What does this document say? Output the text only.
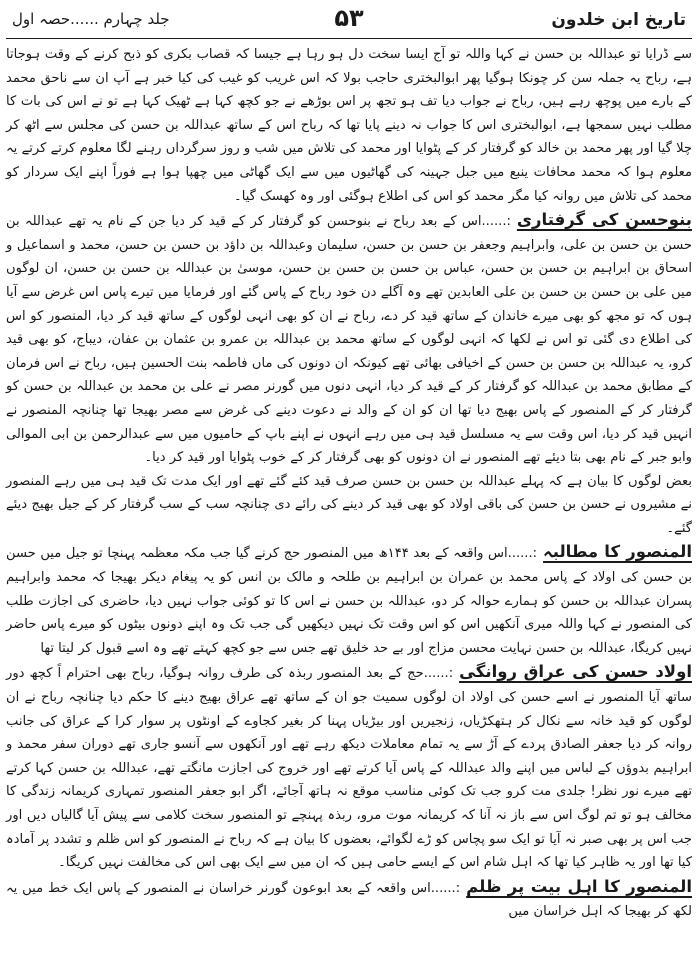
تاریخ ابن خلدون
۵۳
جلد چہارم ......حصہ اول

سے ڈرایا تو عبداللہ بن حسن نے کہا واللہ تو آج ایسا سخت دل ہو رہا ہے جیسا کہ قصاب بکری کو ذبح کرنے کے وقت ہوجاتا ہے، رباح یہ جملہ سن کر چونکا ہوگیا پھر ابوالبختری حاجب بولا کہ اس غریب کو غیب کی کیا خبر ہے آپ ان سے ناحق محمد کے بارے میں پوچھ رہے ہیں، رباح نے جواب دیا تف ہو تجھ پر اس بوڑھے نے جو کچھ کہا ہے ٹھیک کہا ہے تو نے اس کی بات کا مطلب نہیں سمجھا ہے، ابوالبختری اس کا جواب نہ دینے پایا تھا کہ رباح اس کے ساتھ عبداللہ بن حسن کی مجلس سے اٹھ کر چلا گیا اور پھر محمد بن خالد کو گرفتار کر کے پٹوایا اور محمد کی تلاش میں شب و روز سرگرداں رہنے لگا معلوم کرتے کرتے یہ معلوم ہوا کہ محمد محافات ینبع میں جبل جہینہ کی گھاٹیوں میں سے ایک گھاٹی میں چھپا ہوا ہے فوراً اپنے ایک سردار کو محمد کی تلاش میں روانہ کیا مگر محمد کو اس کی اطلاع ہوگئی اور وہ کھسک گیا۔

بنوحسن کی گرفتاری:......اس کے بعد رباح نے بنوحسن کو گرفتار کر کے قید کر دیا جن کے نام یہ تھے عبداللہ بن حسن بن حسن بن علی، وابراہیم وجعفر بن حسن بن حسن، سلیمان وعبداللہ بن داؤد بن حسن بن حسن، محمد و اسماعیل و اسحاق بن ابراہیم بن حسن بن حسن، عباس بن حسن بن حسن بن حسن، موسیٰ بن عبداللہ بن حسن بن حسن، ان لوگوں میں علی بن حسن بن حسن بن علی العابدین تھے وہ آگلے دن خود رباح کے پاس گئے اور فرمایا میں تیرے پاس اس غرض سے آیا ہوں کہ تو مجھ کو بھی میرے خاندان کے ساتھ قید کر دے، رباح نے ان کو بھی انہی لوگوں کے ساتھ قید کر دیا، المنصور کو اس کی اطلاع دی گئی تو اس نے لکھا کہ انہی لوگوں کے ساتھ محمد بن عبداللہ بن عمرو بن عثمان بن عفان، دیباج، کو بھی قید کرو، یہ عبداللہ بن حسن بن حسن کے اخیافی بھائی تھے کیونکہ ان دونوں کی ماں فاطمہ بنت الحسین ہیں، رباح نے اس فرمان کے مطابق محمد بن عبداللہ کو گرفتار کر کے قید کر دیا، انہی دنوں میں گورنر مصر نے علی بن محمد بن عبداللہ بن حسن کو گرفتار کر کے المنصور کے پاس بھیج دیا تھا ان کو ان کے والد نے دعوت دینے کی غرض سے مصر بھیجا تھا چنانچہ المنصور نے انہیں قید کر دیا، اس وقت سے یہ مسلسل قید ہی میں رہے انہوں نے اپنے باپ کے حامیوں میں سے عبدالرحمن بن ابی الموالی وابو جبر کے نام بھی بتا دیئے تھے المنصور نے ان دونوں کو بھی گرفتار کر کے خوب پٹوایا اور قید کر دیا۔

بعض لوگوں کا بیان ہے کہ پہلے عبداللہ بن حسن بن حسن صرف قید کئے گئے تھے اور ایک مدت تک قید ہی میں رہے المنصور نے مشیروں نے حسن بن حسن کی باقی اولاد کو بھی قید کر دینے کی رائے دی چنانچہ سب کے سب گرفتار کر کے جیل بھیج دیئے گئے۔

المنصور کا مطالبہ:......اس واقعہ کے بعد ۱۴۴ھ میں المنصور حج کرنے گیا جب مکہ معظمہ پہنچا تو جیل میں حسن بن حسن کی اولاد کے پاس محمد بن عمران بن ابراہیم بن طلحہ و مالک بن انس کو یہ پیغام دیکر بھیجا کہ محمد وابراہیم پسران عبداللہ بن حسن کو ہمارے حوالہ کر دو، عبداللہ بن حسن نے اس کا تو کوئی جواب نہیں دیا، حاضری کی اجازت طلب کی المنصور نے کہا واللہ میری آنکھیں اس کو اس وقت تک نہیں دیکھیں گی جب تک وہ اپنے دونوں بیٹوں کو میرے پاس حاضر نہیں کریگا، عبداللہ بن حسن نہایت محسن مزاج اور بے حد خلیق تھے جس سے جو کچھ کہتے تھے وہ اسے قبول کر لیتا تھا

اولاد حسن کی عراق روانگی:......حج کے بعد المنصور ربذہ کی طرف روانہ ہوگیا، رباح بھی احترام اً کچھ دور ساتھ آیا المنصور نے اسے حسن کی اولاد ان لوگوں سمیت جو ان کے ساتھ تھے عراق بھیج دینے کا حکم دیا چنانچہ رباح نے ان لوگوں کو قید خانہ سے نکال کر ہتھکڑیاں، زنجیریں اور بیڑیاں پہنا کر بغیر کجاوے کے اونٹوں پر سوار کرا کے عراق کی جانب روانہ کر دیا جعفر الصادق پردے کے آڑ سے یہ تمام معاملات دیکھ رہے تھے اور آنکھوں سے آنسو جاری تھے دوران سفر محمد و ابراہیم بدوؤں کے لباس میں اپنے والد عبداللہ کے پاس آیا کرتے تھے اور خروج کی اجازت مانگتے تھے، عبداللہ بن حسن کہا کرتے تھے میرے نور نظر! جلدی مت کرو جب تک کوئی مناسب موقع نہ ہاتھ آجائے، اگر ابو جعفر المنصور تمہاری کریمانہ زندگی کا مخالف ہو تو تم لوگ اس سے باز نہ آنا کہ کریمانہ موت مرو، ربذہ پہنچے تو المنصور سخت کلامی سے پیش آیا گالیاں دیں اور جب اس پر بھی صبر نہ آیا تو ایک سو پچاس کو ڑے لگوائے، بعضوں کا بیان ہے کہ رباح نے المنصور کو اس ظلم و تشدد پر آمادہ کیا تھا اور یہ ظاہر کیا تھا کہ اہل شام اس کے ایسے حامی ہیں کہ ان میں سے ایک بھی اس کی مخالفت نہیں کریگا۔

المنصور کا اہل بیت پر ظلم:......اس واقعہ کے بعد ابوعون گورنر خراسان نے المنصور کے پاس ایک خط میں یہ لکھ کر بھیجا کہ اہل خراسان میں
